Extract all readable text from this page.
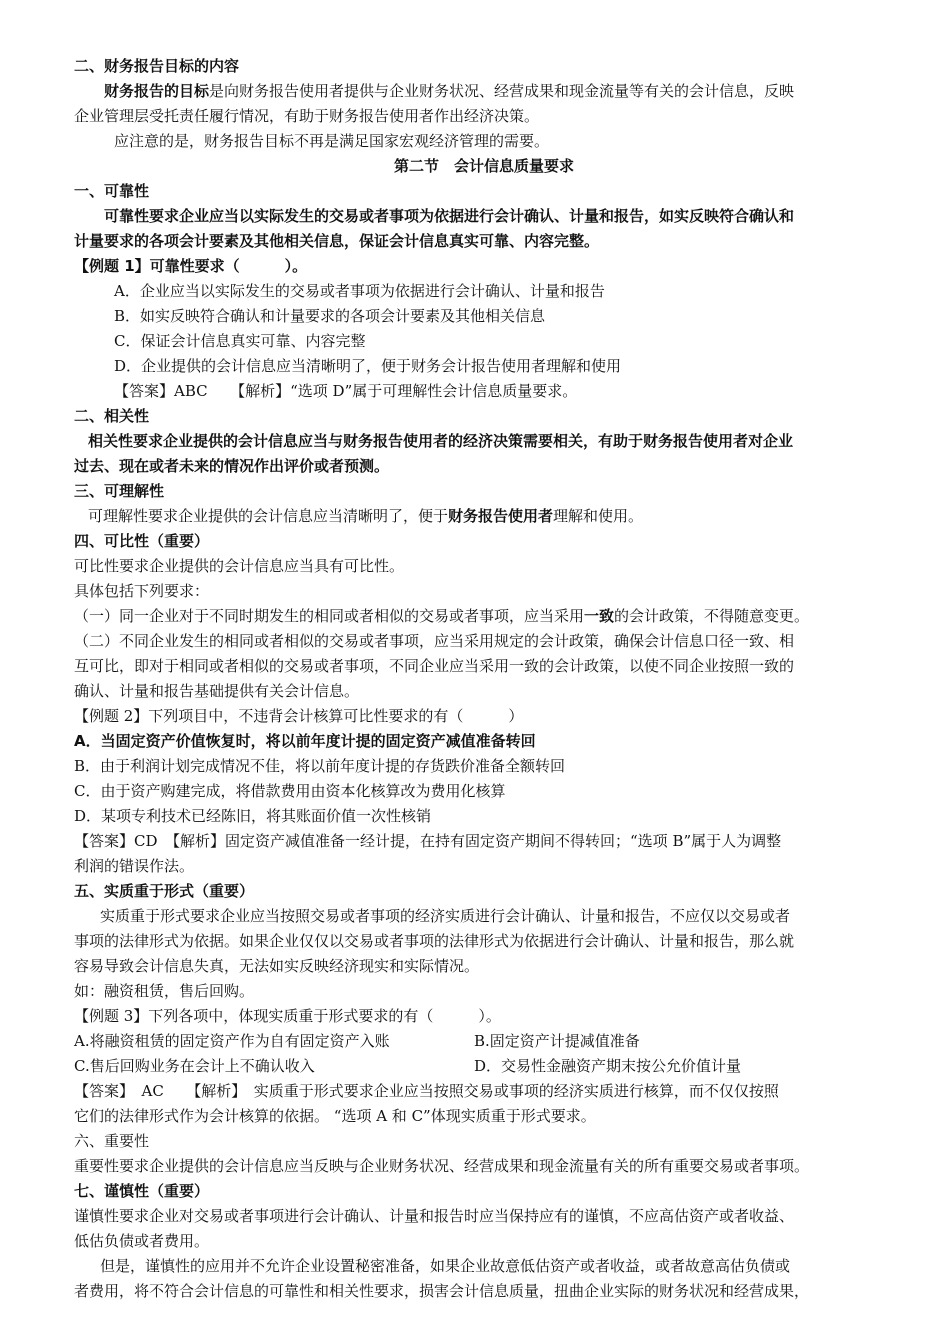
二、财务报告目标的内容
财务报告的目标是向财务报告使用者提供与企业财务状况、经营成果和现金流量等有关的会计信息，反映
企业管理层受托责任履行情况，有助于财务报告使用者作出经济决策。
应注意的是，财务报告目标不再是满足国家宏观经济管理的需要。
第二节　会计信息质量要求
一、可靠性
可靠性要求企业应当以实际发生的交易或者事项为依据进行会计确认、计量和报告，如实反映符合确认和
计量要求的各项会计要素及其他相关信息，保证会计信息真实可靠、内容完整。
【例题 1】可靠性要求（　　　）。
A．企业应当以实际发生的交易或者事项为依据进行会计确认、计量和报告
B．如实反映符合确认和计量要求的各项会计要素及其他相关信息
C．保证会计信息真实可靠、内容完整
D．企业提供的会计信息应当清晰明了，便于财务会计报告使用者理解和使用
【答案】ABC　　【解析】“选项 D”属于可理解性会计信息质量要求。
二、相关性
相关性要求企业提供的会计信息应当与财务报告使用者的经济决策需要相关，有助于财务报告使用者对企业
过去、现在或者未来的情况作出评价或者预测。
三、可理解性
可理解性要求企业提供的会计信息应当清晰明了，便于财务报告使用者理解和使用。
四、可比性（重要）
可比性要求企业提供的会计信息应当具有可比性。
具体包括下列要求：
（一）同一企业对于不同时期发生的相同或者相似的交易或者事项，应当采用一致的会计政策，不得随意变更。
（二）不同企业发生的相同或者相似的交易或者事项，应当采用规定的会计政策，确保会计信息口径一致、相
互可比，即对于相同或者相似的交易或者事项，不同企业应当采用一致的会计政策，以使不同企业按照一致的
确认、计量和报告基础提供有关会计信息。
【例题 2】下列项目中，不违背会计核算可比性要求的有（　　　）
A．当固定资产价值恢复时，将以前年度计提的固定资产减值准备转回
B．由于利润计划完成情况不佳，将以前年度计提的存货跌价准备全额转回
C．由于资产购建完成，将借款费用由资本化核算改为费用化核算
D．某项专利技术已经陈旧，将其账面价值一次性核销
【答案】CD　【解析】固定资产减值准备一经计提，在持有固定资产期间不得转回；“选项 B”属于人为调整
利润的错误作法。
五、实质重于形式（重要）
实质重于形式要求企业应当按照交易或者事项的经济实质进行会计确认、计量和报告，不应仅以交易或者
事项的法律形式为依据。如果企业仅仅以交易或者事项的法律形式为依据进行会计确认、计量和报告，那么就
容易导致会计信息失真，无法如实反映经济现实和实际情况。
如：融资租赁，售后回购。
【例题 3】下列各项中，体现实质重于形式要求的有（　　　）。
A.将融资租赁的固定资产作为自有固定资产入账	B.固定资产计提减值准备
C.售后回购业务在会计上不确认收入	D．交易性金融资产期末按公允价值计量
【答案】　AC　　【解析】　实质重于形式要求企业应当按照交易或事项的经济实质进行核算，而不仅仅按照
它们的法律形式作为会计核算的依据。 “选项 A 和 C”体现实质重于形式要求。
六、重要性
重要性要求企业提供的会计信息应当反映与企业财务状况、经营成果和现金流量有关的所有重要交易或者事项。
七、谨慎性（重要）
谨慎性要求企业对交易或者事项进行会计确认、计量和报告时应当保持应有的谨慎，不应高估资产或者收益、
低估负债或者费用。
但是，谨慎性的应用并不允许企业设置秘密准备，如果企业故意低估资产或者收益，或者故意高估负债或
者费用，将不符合会计信息的可靠性和相关性要求，损害会计信息质量，扭曲企业实际的财务状况和经营成果，
